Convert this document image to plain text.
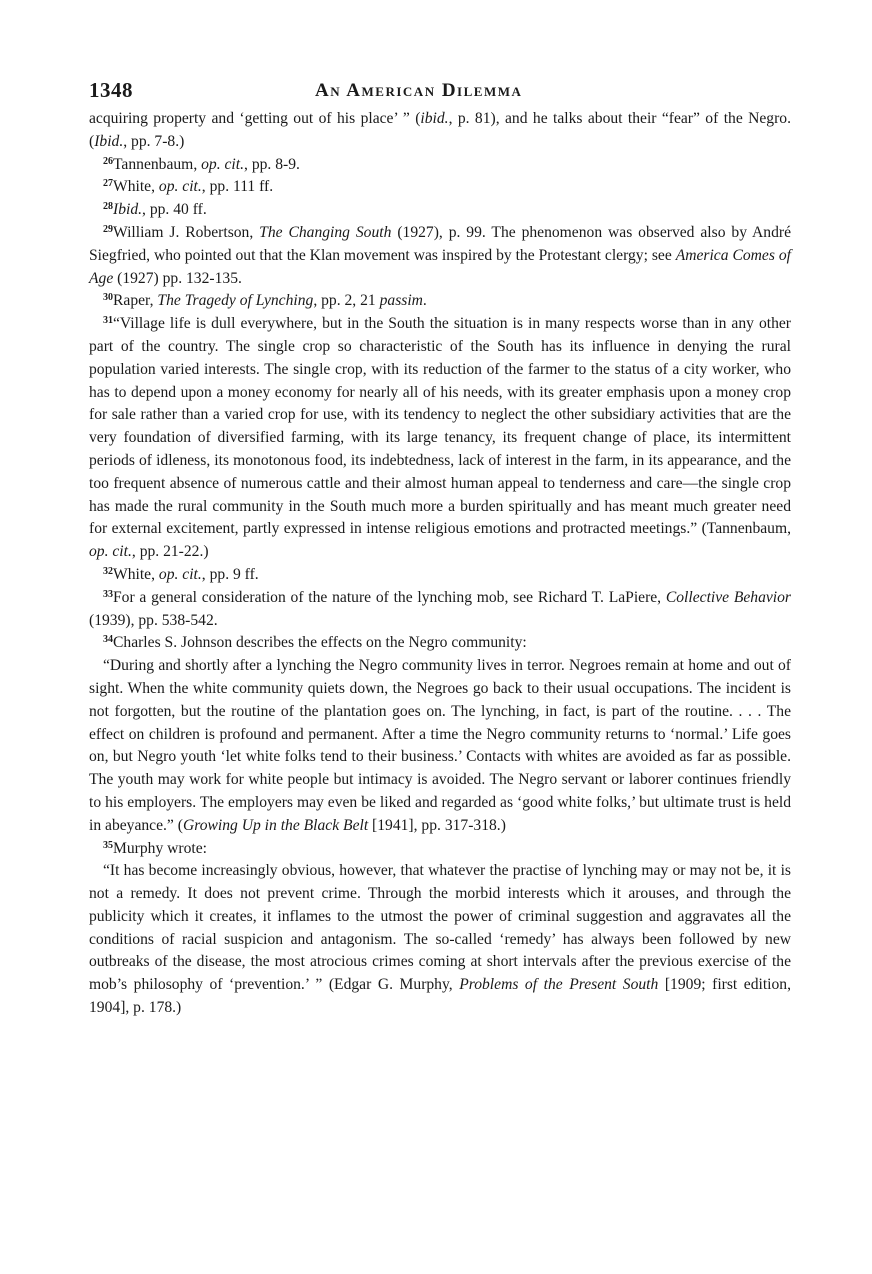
1348	An American Dilemma

acquiring property and ‘getting out of his place’ ” (ibid., p. 81), and he talks about their “fear” of the Negro. (Ibid., pp. 7-8.)

$^{26}$Tannenbaum, op. cit., pp. 8-9.

$^{27}$White, op. cit., pp. 111 ff.

$^{28}$Ibid., pp. 40 ff.

$^{29}$William J. Robertson, The Changing South (1927), p. 99. The phenomenon was observed also by André Siegfried, who pointed out that the Klan movement was inspired by the Protestant clergy; see America Comes of Age (1927) pp. 132-135.

$^{30}$Raper, The Tragedy of Lynching, pp. 2, 21 passim.

$^{31}$“Village life is dull everywhere, but in the South the situation is in many respects worse than in any other part of the country. The single crop so characteristic of the South has its influence in denying the rural population varied interests. The single crop, with its reduction of the farmer to the status of a city worker, who has to depend upon a money economy for nearly all of his needs, with its greater emphasis upon a money crop for sale rather than a varied crop for use, with its tendency to neglect the other subsidiary activities that are the very foundation of diversified farming, with its large tenancy, its frequent change of place, its intermittent periods of idleness, its monotonous food, its indebtedness, lack of interest in the farm, in its appearance, and the too frequent absence of numerous cattle and their almost human appeal to tenderness and care—the single crop has made the rural community in the South much more a burden spiritually and has meant much greater need for external excitement, partly expressed in intense religious emotions and protracted meetings.” (Tannenbaum, op. cit., pp. 21-22.)

$^{32}$White, op. cit., pp. 9 ff.

$^{33}$For a general consideration of the nature of the lynching mob, see Richard T. LaPiere, Collective Behavior (1939), pp. 538-542.

$^{34}$Charles S. Johnson describes the effects on the Negro community:

“During and shortly after a lynching the Negro community lives in terror. Negroes remain at home and out of sight. When the white community quiets down, the Negroes go back to their usual occupations. The incident is not forgotten, but the routine of the plantation goes on. The lynching, in fact, is part of the routine. . . . The effect on children is profound and permanent. After a time the Negro community returns to ‘normal.’ Life goes on, but Negro youth ‘let white folks tend to their business.’ Contacts with whites are avoided as far as possible. The youth may work for white people but intimacy is avoided. The Negro servant or laborer continues friendly to his employers. The employers may even be liked and regarded as ‘good white folks,’ but ultimate trust is held in abeyance.” (Growing Up in the Black Belt [1941], pp. 317-318.)

$^{35}$Murphy wrote:

“It has become increasingly obvious, however, that whatever the practise of lynching may or may not be, it is not a remedy. It does not prevent crime. Through the morbid interests which it arouses, and through the publicity which it creates, it inflames to the utmost the power of criminal suggestion and aggravates all the conditions of racial suspicion and antagonism. The so-called ‘remedy’ has always been followed by new outbreaks of the disease, the most atrocious crimes coming at short intervals after the previous exercise of the mob’s philosophy of ‘prevention.’ ” (Edgar G. Murphy, Problems of the Present South [1909; first edition, 1904], p. 178.)
